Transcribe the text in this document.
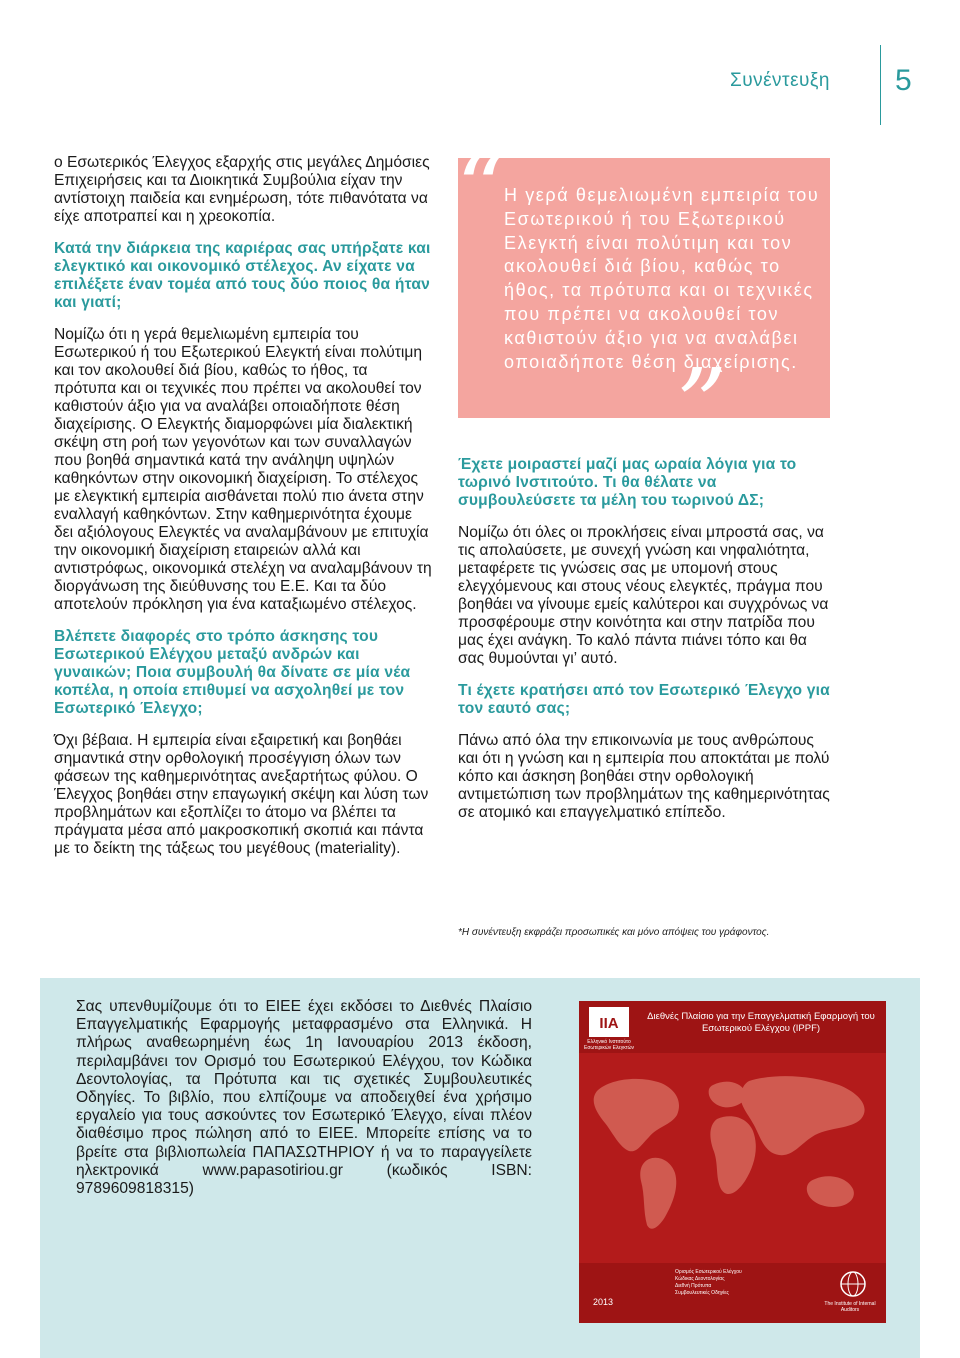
Συνέντευξη 5

ο Εσωτερικός Έλεγχος εξαρχής στις μεγάλες Δημόσιες Επιχειρήσεις και τα Διοικητικά Συμβούλια είχαν την αντίστοιχη παιδεία και ενημέρωση, τότε πιθανότατα να είχε αποτραπεί και η χρεοκοπία.

Κατά την διάρκεια της καριέρας σας υπήρξατε και ελεγκτικό και οικονομικό στέλεχος. Αν είχατε να επιλέξετε έναν τομέα από τους δύο ποιος θα ήταν και γιατί;

Νομίζω ότι η γερά θεμελιωμένη εμπειρία του Εσωτερικού ή του Εξωτερικού Ελεγκτή είναι πολύτιμη και τον ακολουθεί διά βίου, καθώς το ήθος, τα πρότυπα και οι τεχνικές που πρέπει να ακολουθεί τον καθιστούν άξιο για να αναλάβει οποιαδήποτε θέση διαχείρισης. Ο Ελεγκτής διαμορφώνει μία διαλεκτική σκέψη στη ροή των γεγονότων και των συναλλαγών που βοηθά σημαντικά κατά την ανάληψη υψηλών καθηκόντων στην οικονομική διαχείριση. Το στέλεχος με ελεγκτική εμπειρία αισθάνεται πολύ πιο άνετα στην εναλλαγή καθηκόντων. Στην καθημερινότητα έχουμε δει αξιόλογους Ελεγκτές να αναλαμβάνουν με επιτυχία την οικονομική διαχείριση εταιρειών αλλά και αντιστρόφως, οικονομικά στελέχη να αναλαμβάνουν τη διοργάνωση της διεύθυνσης του Ε.Ε. Και τα δύο αποτελούν πρόκληση για ένα καταξιωμένο στέλεχος.

Βλέπετε διαφορές στο τρόπο άσκησης του Εσωτερικού Ελέγχου μεταξύ ανδρών και γυναικών; Ποια συμβουλή θα δίνατε σε μία νέα κοπέλα, η οποία επιθυμεί να ασχοληθεί με τον Εσωτερικό Έλεγχο;

Όχι βέβαια. Η εμπειρία είναι εξαιρετική και βοηθάει σημαντικά στην ορθολογική προσέγγιση όλων των φάσεων της καθημερινότητας ανεξαρτήτως φύλου. Ο Έλεγχος βοηθάει στην επαγωγική σκέψη και λύση των προβλημάτων και εξοπλίζει το άτομο να βλέπει τα πράγματα μέσα από μακροσκοπική σκοπιά και πάντα με το δείκτη της τάξεως του μεγέθους (materiality).

“
Η γερά θεμελιωμένη εμπειρία του Εσωτερικού ή του Εξωτερικού Ελεγκτή είναι πολύτιμη και τον ακολουθεί διά βίου, καθώς το ήθος, τα πρότυπα και οι τεχνικές που πρέπει να ακολουθεί τον καθιστούν άξιο για να αναλάβει οποιαδήποτε θέση διαχείρισης.
”

Έχετε μοιραστεί μαζί μας ωραία λόγια για το τωρινό Ινστιτούτο. Τι θα θέλατε να συμβουλεύσετε τα μέλη του τωρινού ΔΣ;

Νομίζω ότι όλες οι προκλήσεις είναι μπροστά σας, να τις απολαύσετε, με συνεχή γνώση και νηφαλιότητα, μεταφέρετε τις γνώσεις σας με υπομονή στους ελεγχόμενους και στους νέους ελεγκτές, πράγμα που βοηθάει να γίνουμε εμείς καλύτεροι και συγχρόνως να προσφέρουμε στην κοινότητα και στην πατρίδα που μας έχει ανάγκη. Το καλό πάντα πιάνει τόπο και θα σας θυμούνται γι’ αυτό.

Τι έχετε κρατήσει από τον Εσωτερικό Έλεγχο για τον εαυτό σας;

Πάνω από όλα την επικοινωνία με τους ανθρώπους και ότι η γνώση και η εμπειρία που αποκτάται με πολύ κόπο και άσκηση βοηθάει στην ορθολογική αντιμετώπιση των προβλημάτων της καθημερινότητας σε ατομικό και επαγγελματικό επίπεδο.

*Η συνέντευξη εκφράζει προσωπικές και μόνο απόψεις του γράφοντος.
Σας υπενθυμίζουμε ότι το ΕΙΕΕ έχει εκδόσει το Διεθνές Πλαίσιο Επαγγελματικής Εφαρμογής μεταφρασμένο στα Ελληνικά. Η πλήρως αναθεωρημένη έως 1η Ιανουαρίου 2013 έκδοση, περιλαμβάνει τον Ορισμό του Εσωτερικού Ελέγχου, τον Κώδικα Δεοντολογίας, τα Πρότυπα και τις σχετικές Συμβουλευτικές Οδηγίες. Το βιβλίο, που ελπίζουμε να αποδειχθεί ένα χρήσιμο εργαλείο για τους ασκούντες τον Εσωτερικό Έλεγχο, είναι πλέον διαθέσιμο προς πώληση από το ΕΙΕΕ. Μπορείτε επίσης να το βρείτε στα βιβλιοπωλεία ΠΑΠΑΣΩΤΗΡΙΟΥ ή να το παραγγείλετε ηλεκτρονικά www.papasotiriou.gr (κωδικός ISBN: 9789609818315)
IIA
Ελληνικό Ινστιτούτο Εσωτερικών Ελεγκτών
Διεθνές Πλαίσιο για την Επαγγελματική Εφαρμογή του Εσωτερικού Ελέγχου (IPPF)
2013
Ορισμός Εσωτερικού Ελέγχου
Κώδικας Δεοντολογίας
Διεθνή Πρότυπα
Συμβουλευτικές Οδηγίες
The Institute of Internal Auditors
